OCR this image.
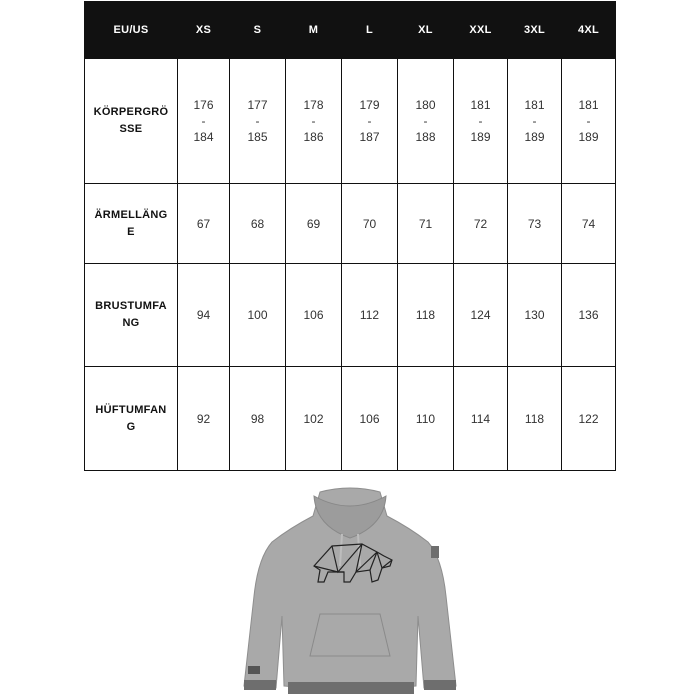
EU/US	XS	S	M	L	XL	XXL	3XL	4XL
KÖRPERGRÖSSE	176
-
184	177
-
185	178
-
186	179
-
187	180
-
188	181
-
189	181
-
189	181
-
189

ÄRMELLÄNGE	67	68	69	70	71	72	73	74
BRUSTUMFANG	94	100	106	112	118	124	130	136
HÜFTUMFANG	92	98	102	106	110	114	118	122
